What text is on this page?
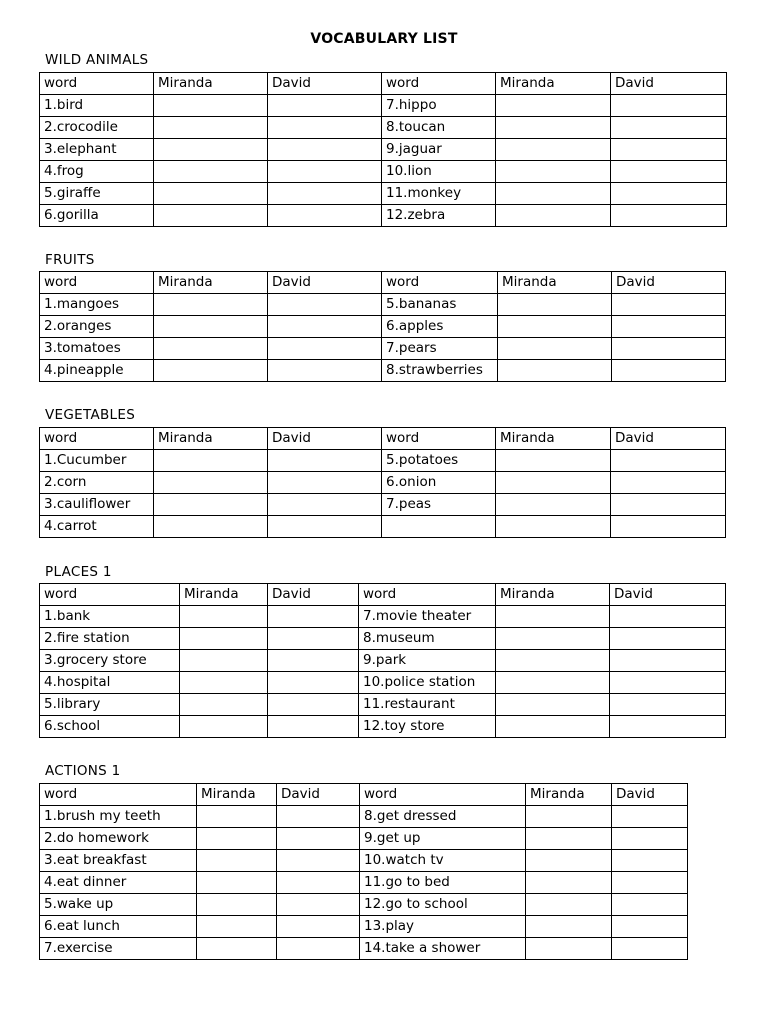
VOCABULARY LIST
WILD ANIMALS
word	Miranda	David	word	Miranda	David
1.bird			7.hippo		
2.crocodile			8.toucan		
3.elephant			9.jaguar		
4.frog			10.lion		
5.giraffe			11.monkey		
6.gorilla			12.zebra		
FRUITS
word	Miranda	David	word	Miranda	David
1.mangoes			5.bananas		
2.oranges			6.apples		
3.tomatoes			7.pears		
4.pineapple			8.strawberries		
VEGETABLES
word	Miranda	David	word	Miranda	David
1.Cucumber			5.potatoes		
2.corn			6.onion		
3.cauliflower			7.peas		
4.carrot					
PLACES 1
word	Miranda	David	word	Miranda	David
1.bank			7.movie theater		
2.fire station			8.museum		
3.grocery store			9.park		
4.hospital			10.police station		
5.library			11.restaurant		
6.school			12.toy store		
ACTIONS 1
word	Miranda	David	word	Miranda	David
1.brush my teeth			8.get dressed		
2.do homework			9.get up		
3.eat breakfast			10.watch tv		
4.eat dinner			11.go to bed		
5.wake up			12.go to school		
6.eat lunch			13.play		
7.exercise			14.take a shower		
